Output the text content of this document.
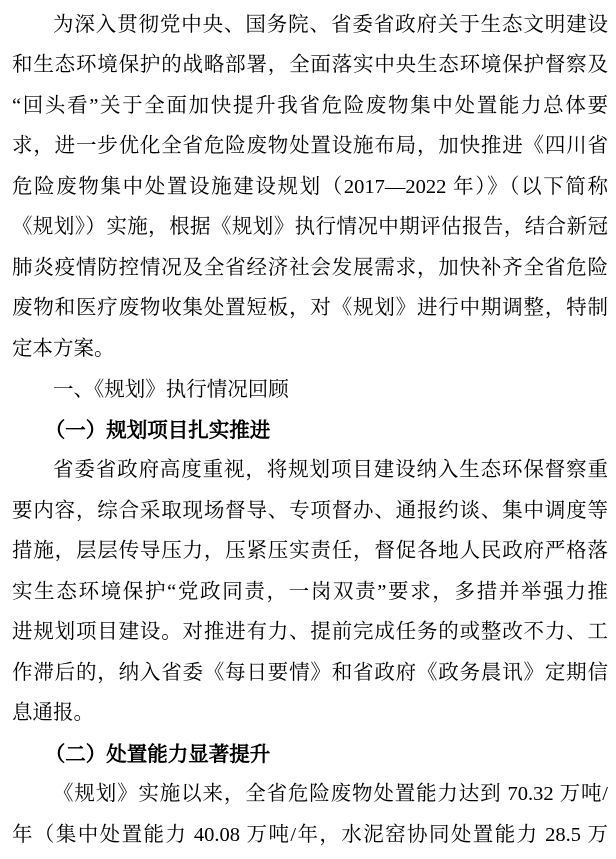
为深入贯彻党中央、国务院、省委省政府关于生态文明建设
和生态环境保护的战略部署，全面落实中央生态环境保护督察及
“回头看”关于全面加快提升我省危险废物集中处置能力总体要
求，进一步优化全省危险废物处置设施布局，加快推进《四川省
危险废物集中处置设施建设规划（2017—2022 年）》（以下简称
《规划》）实施，根据《规划》执行情况中期评估报告，结合新冠
肺炎疫情防控情况及全省经济社会发展需求，加快补齐全省危险
废物和医疗废物收集处置短板，对《规划》进行中期调整，特制
定本方案。
一、《规划》执行情况回顾
（一）规划项目扎实推进
省委省政府高度重视，将规划项目建设纳入生态环保督察重
要内容，综合采取现场督导、专项督办、通报约谈、集中调度等
措施，层层传导压力，压紧压实责任，督促各地人民政府严格落
实生态环境保护“党政同责，一岗双责”要求，多措并举强力推
进规划项目建设。对推进有力、提前完成任务的或整改不力、工
作滞后的，纳入省委《每日要情》和省政府《政务晨讯》定期信
息通报。
（二）处置能力显著提升
《规划》实施以来，全省危险废物处置能力达到 70.32 万吨/
年（集中处置能力 40.08 万吨/年，水泥窑协同处置能力 28.5 万
